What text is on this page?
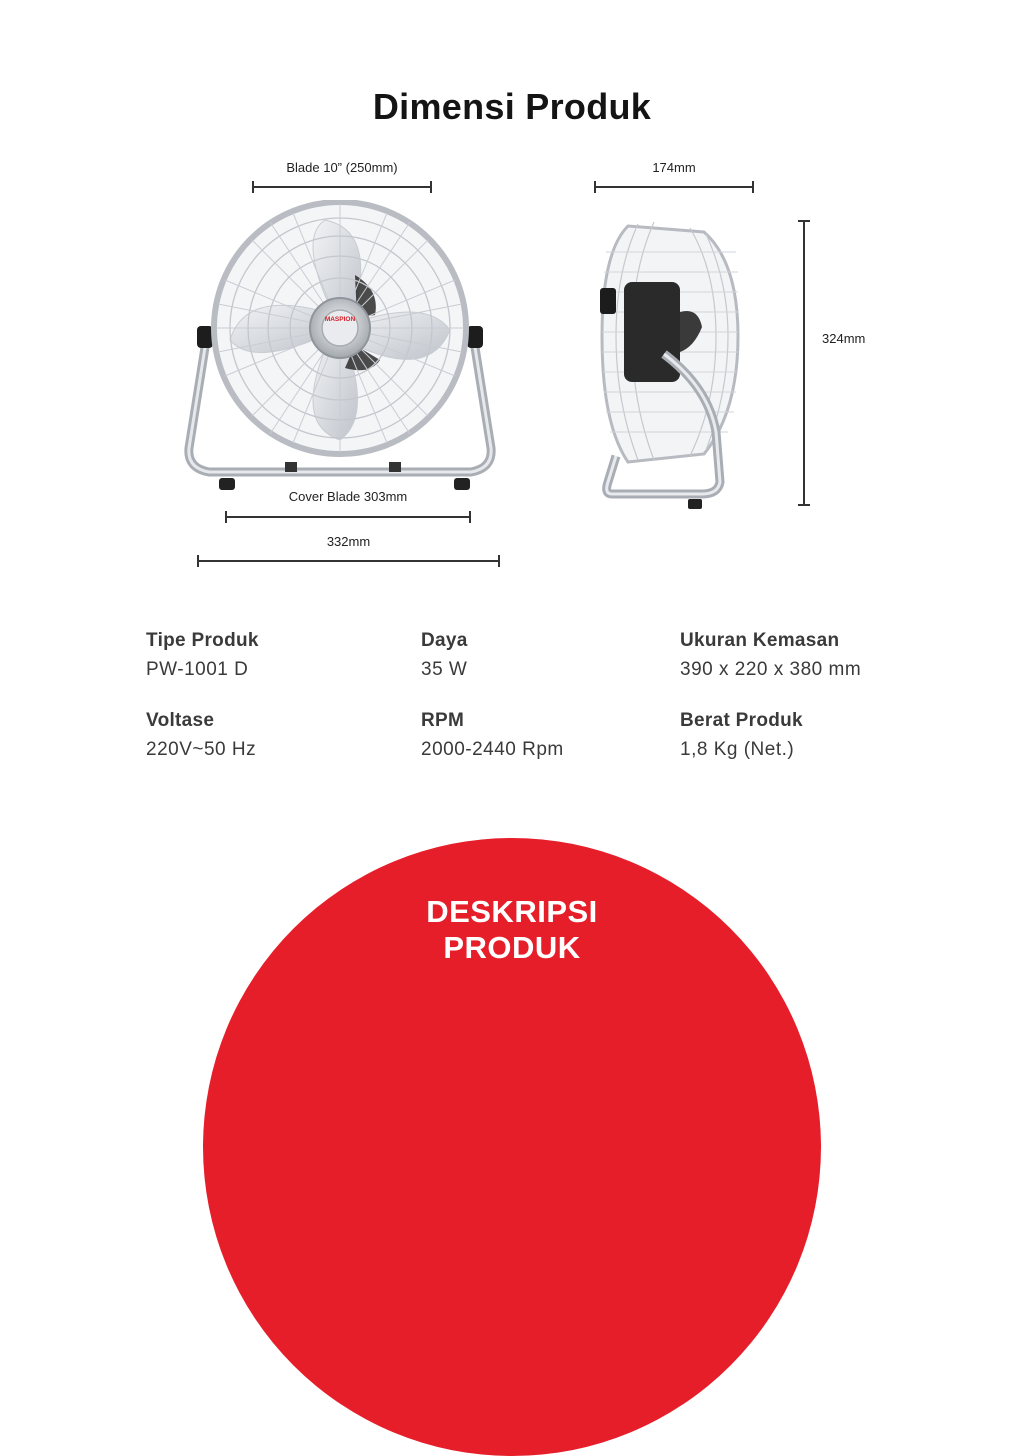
Dimensi Produk
Blade 10” (250mm)	174mm
324mm
MASPION
Cover Blade 303mm
332mm
Tipe Produk
PW-1001 D
Daya
35 W
Ukuran Kemasan
390 x 220 x 380 mm
Voltase
220V~50 Hz
RPM
2000-2440 Rpm
Berat Produk
1,8 Kg (Net.)
DESKRIPSI
PRODUK
